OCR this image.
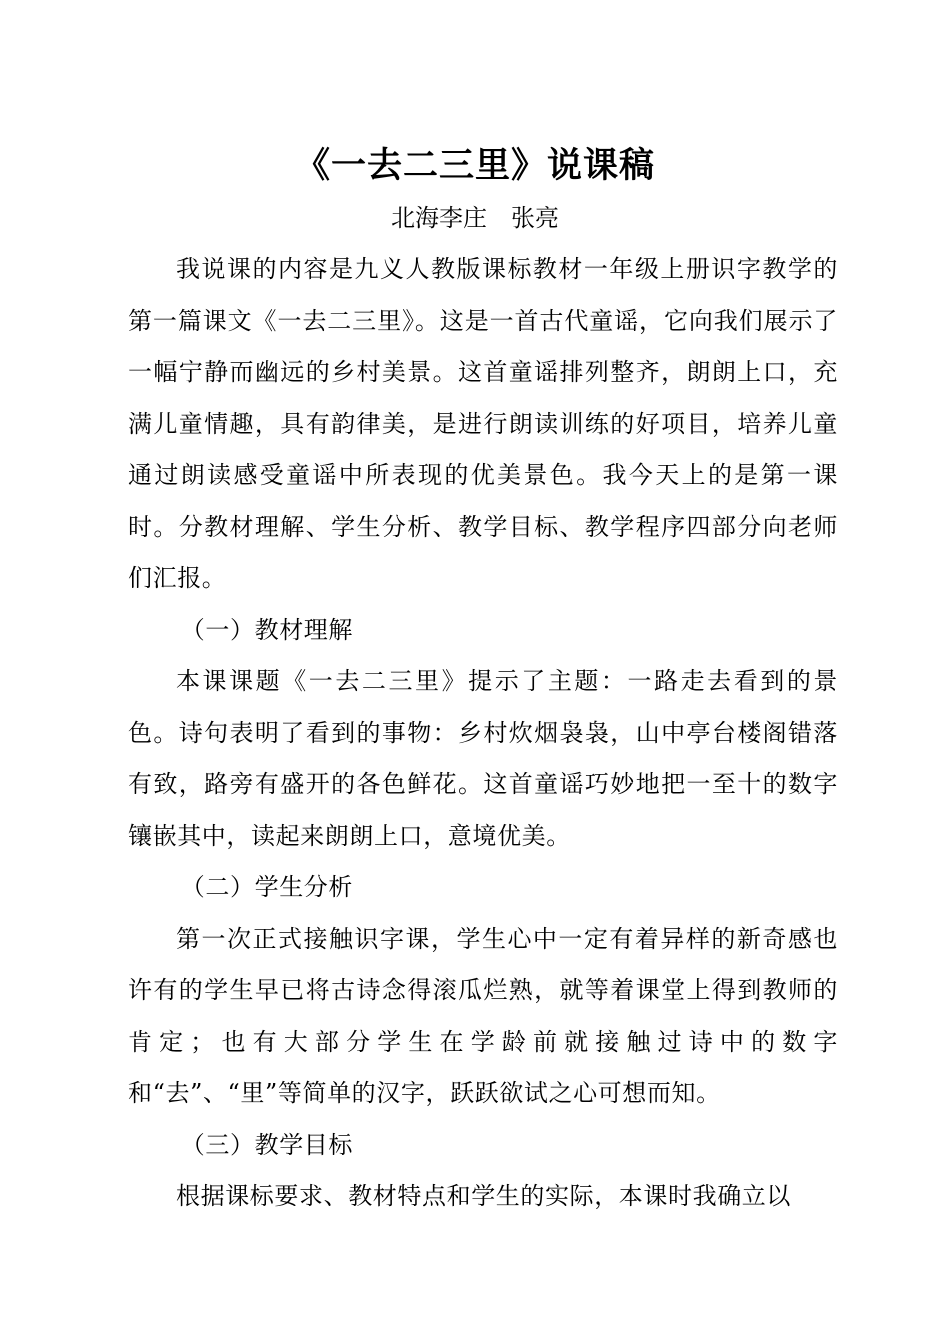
《一去二三里》说课稿

北海李庄　张亮

我说课的内容是九义人教版课标教材一年级上册识字教学的第一篇课文《一去二三里》。这是一首古代童谣，它向我们展示了一幅宁静而幽远的乡村美景。这首童谣排列整齐，朗朗上口，充满儿童情趣，具有韵律美，是进行朗读训练的好项目，培养儿童通过朗读感受童谣中所表现的优美景色。我今天上的是第一课时。分教材理解、学生分析、教学目标、教学程序四部分向老师们汇报。

（一）教材理解

本课课题《一去二三里》提示了主题：一路走去看到的景色。诗句表明了看到的事物：乡村炊烟袅袅，山中亭台楼阁错落有致，路旁有盛开的各色鲜花。这首童谣巧妙地把一至十的数字镶嵌其中，读起来朗朗上口，意境优美。

（二）学生分析

第一次正式接触识字课，学生心中一定有着异样的新奇感也许有的学生早已将古诗念得滚瓜烂熟，就等着课堂上得到教师的肯定；也有大部分学生在学龄前就接触过诗中的数字和“去”、“里”等简单的汉字，跃跃欲试之心可想而知。

（三）教学目标

根据课标要求、教材特点和学生的实际，本课时我确立以
